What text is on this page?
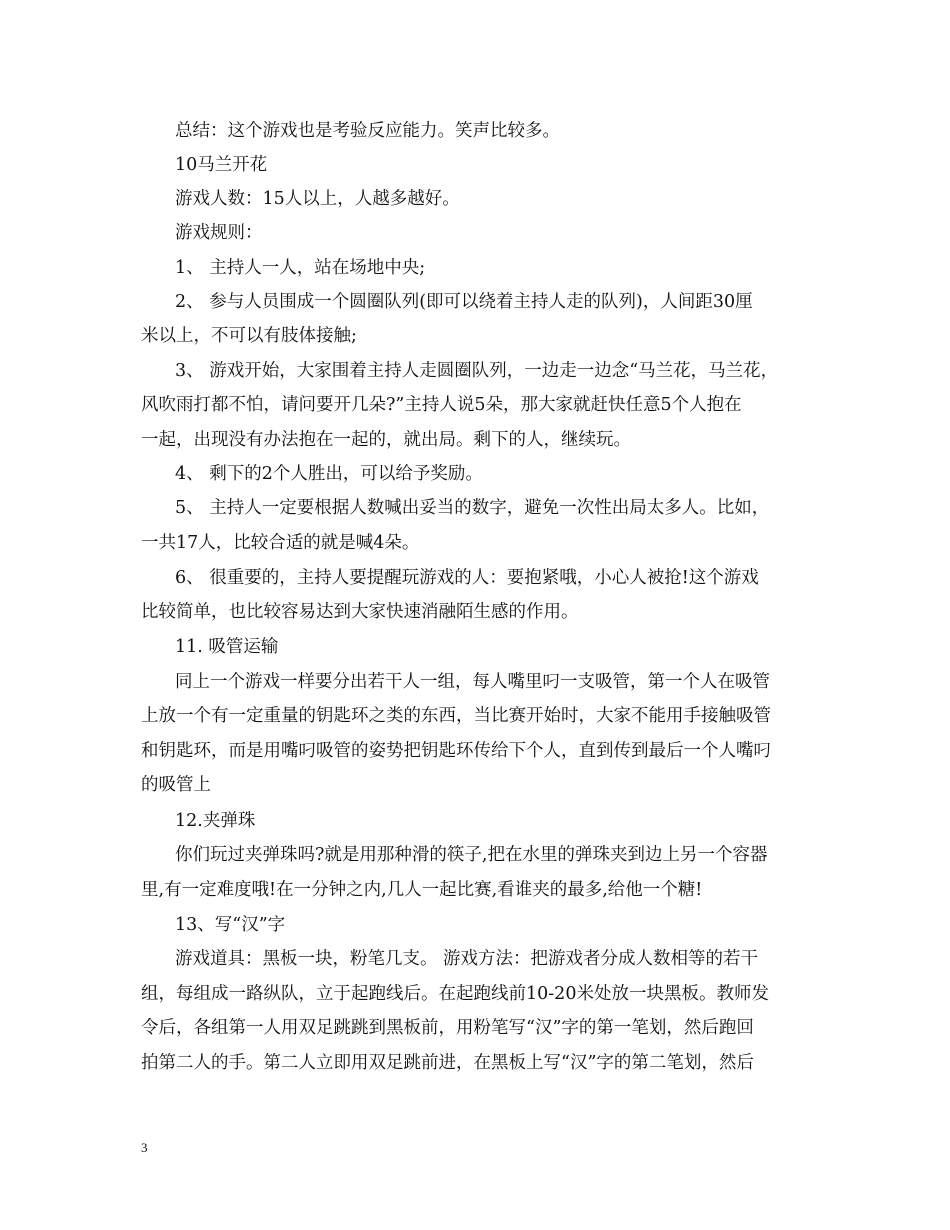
总结：这个游戏也是考验反应能力。笑声比较多。
10马兰开花
游戏人数：15人以上，人越多越好。
游戏规则：
1、 主持人一人，站在场地中央;
2、 参与人员围成一个圆圈队列(即可以绕着主持人走的队列)，人间距30厘
米以上，不可以有肢体接触;
3、 游戏开始，大家围着主持人走圆圈队列，一边走一边念“马兰花，马兰花，
风吹雨打都不怕，请问要开几朵?”主持人说5朵，那大家就赶快任意5个人抱在
一起，出现没有办法抱在一起的，就出局。剩下的人，继续玩。
4、 剩下的2个人胜出，可以给予奖励。
5、 主持人一定要根据人数喊出妥当的数字，避免一次性出局太多人。比如，
一共17人，比较合适的就是喊4朵。
6、 很重要的，主持人要提醒玩游戏的人：要抱紧哦，小心人被抢!这个游戏
比较简单，也比较容易达到大家快速消融陌生感的作用。
11. 吸管运输
同上一个游戏一样要分出若干人一组，每人嘴里叼一支吸管，第一个人在吸管
上放一个有一定重量的钥匙环之类的东西，当比赛开始时，大家不能用手接触吸管
和钥匙环，而是用嘴叼吸管的姿势把钥匙环传给下个人，直到传到最后一个人嘴叼
的吸管上
12.夹弹珠
你们玩过夹弹珠吗?就是用那种滑的筷子,把在水里的弹珠夹到边上另一个容器
里,有一定难度哦!在一分钟之内,几人一起比赛,看谁夹的最多,给他一个糖!
13、写“汉”字
游戏道具：黑板一块，粉笔几支。 游戏方法：把游戏者分成人数相等的若干
组，每组成一路纵队，立于起跑线后。在起跑线前10-20米处放一块黑板。教师发
令后，各组第一人用双足跳跳到黑板前，用粉笔写“汉”字的第一笔划，然后跑回
拍第二人的手。第二人立即用双足跳前进，在黑板上写“汉”字的第二笔划，然后
3
